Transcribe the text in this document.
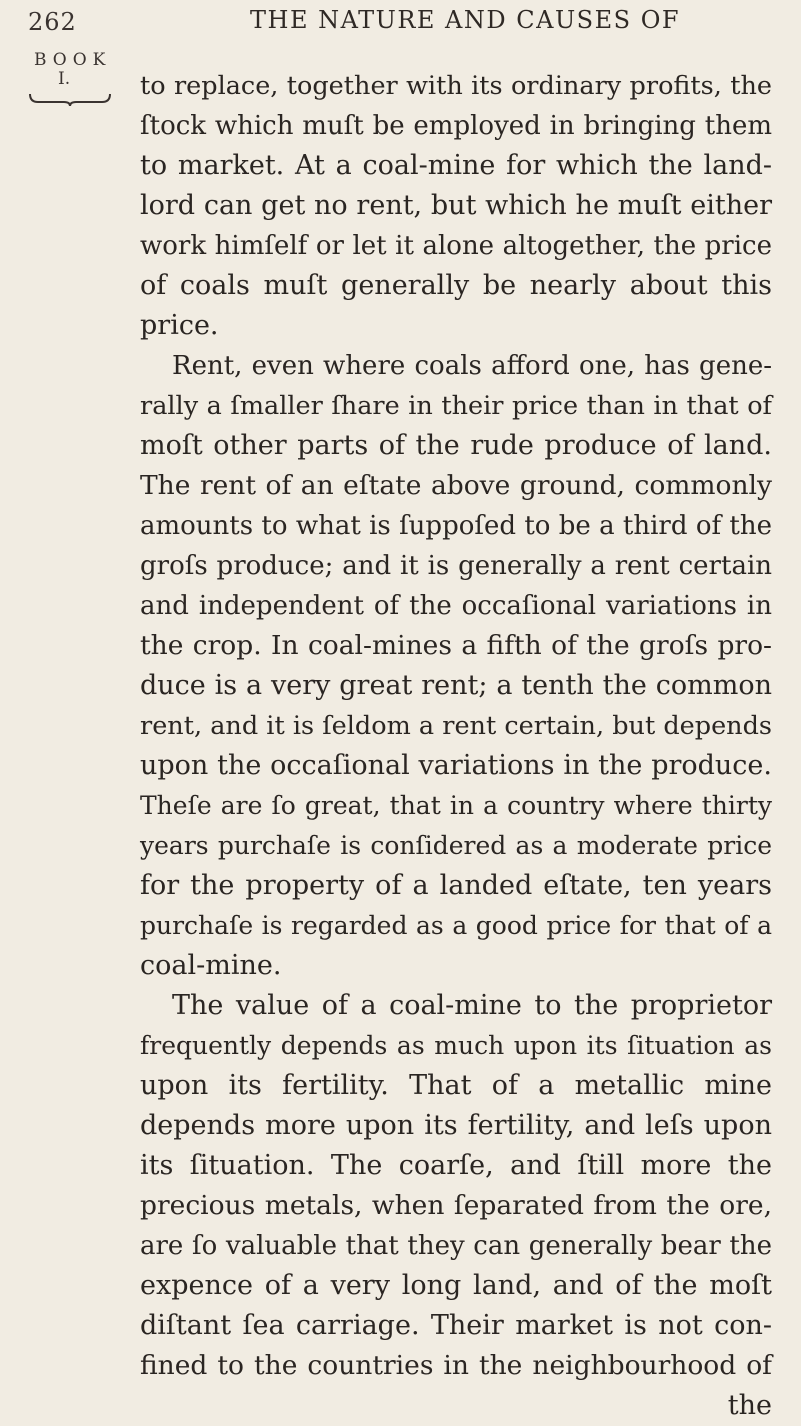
262	THE NATURE AND CAUSES OF
BOOK
I.	to replace, together with its ordinary profits, the
ſtock which muſt be employed in bringing them
to market. At a coal-mine for which the land-
lord can get no rent, but which he muſt either
work himſelf or let it alone altogether, the price
of coals muſt generally be nearly about this
price.
Rent, even where coals afford one, has gene-
rally a ſmaller ſhare in their price than in that of
moſt other parts of the rude produce of land.
The rent of an eſtate above ground, commonly
amounts to what is ſuppoſed to be a third of the
groſs produce; and it is generally a rent certain
and independent of the occaſional variations in
the crop. In coal-mines a fifth of the groſs pro-
duce is a very great rent; a tenth the common
rent, and it is ſeldom a rent certain, but depends
upon the occaſional variations in the produce.
Theſe are ſo great, that in a country where thirty
years purchaſe is conſidered as a moderate price
for the property of a landed eſtate, ten years
purchaſe is regarded as a good price for that of a
coal-mine.
The value of a coal-mine to the proprietor
frequently depends as much upon its ſituation as
upon its fertility. That of a metallic mine
depends more upon its fertility, and leſs upon
its ſituation. The coarſe, and ſtill more the
precious metals, when ſeparated from the ore,
are ſo valuable that they can generally bear the
expence of a very long land, and of the moſt
diſtant ſea carriage. Their market is not con-
fined to the countries in the neighbourhood of
the
